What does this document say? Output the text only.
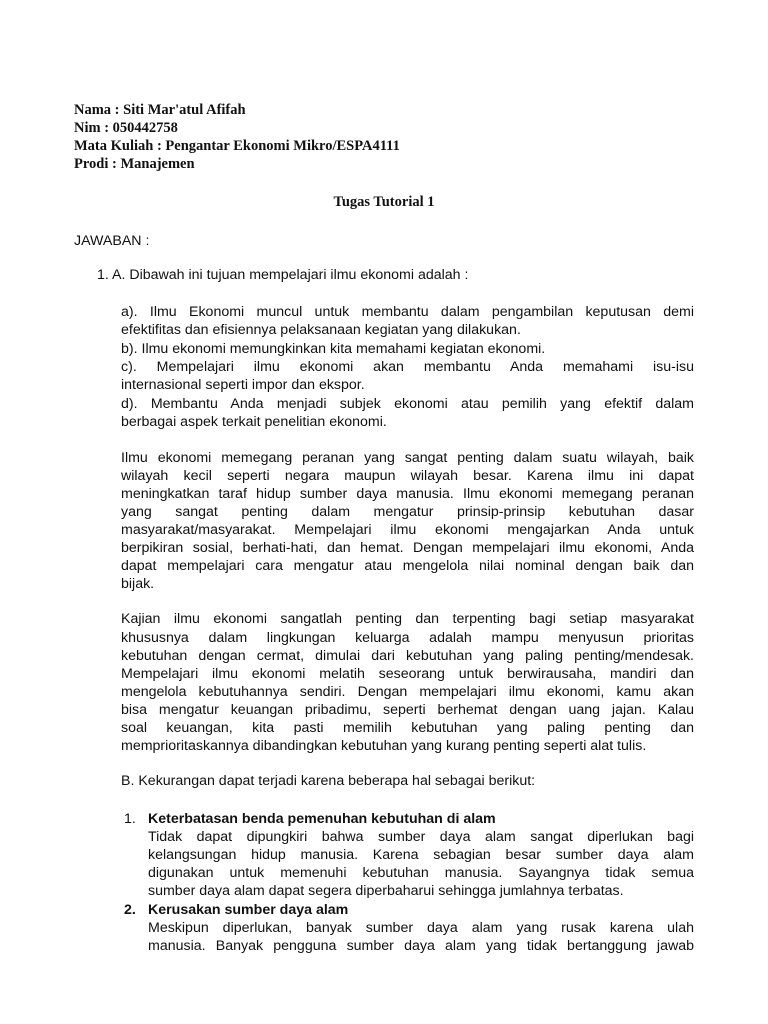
Nama : Siti Mar'atul Afifah
Nim : 050442758
Mata Kuliah : Pengantar Ekonomi Mikro/ESPA4111
Prodi : Manajemen
Tugas Tutorial 1

JAWABAN :

1. A. Dibawah ini tujuan mempelajari ilmu ekonomi adalah :

a). Ilmu Ekonomi muncul untuk membantu dalam pengambilan keputusan demi

efektifitas dan efisiennya pelaksanaan kegiatan yang dilakukan.

b). Ilmu ekonomi memungkinkan kita memahami kegiatan ekonomi.

c). Mempelajari ilmu ekonomi akan membantu Anda memahami isu-isu

internasional seperti impor dan ekspor.

d). Membantu Anda menjadi subjek ekonomi atau pemilih yang efektif dalam

berbagai aspek terkait penelitian ekonomi.

Ilmu ekonomi memegang peranan yang sangat penting dalam suatu wilayah, baik

wilayah kecil seperti negara maupun wilayah besar. Karena ilmu ini dapat

meningkatkan taraf hidup sumber daya manusia. Ilmu ekonomi memegang peranan

yang sangat penting dalam mengatur prinsip-prinsip kebutuhan dasar

masyarakat/masyarakat. Mempelajari ilmu ekonomi mengajarkan Anda untuk

berpikiran sosial, berhati-hati, dan hemat. Dengan mempelajari ilmu ekonomi, Anda

dapat mempelajari cara mengatur atau mengelola nilai nominal dengan baik dan

bijak.

Kajian ilmu ekonomi sangatlah penting dan terpenting bagi setiap masyarakat

khususnya dalam lingkungan keluarga adalah mampu menyusun prioritas

kebutuhan dengan cermat, dimulai dari kebutuhan yang paling penting/mendesak.

Mempelajari ilmu ekonomi melatih seseorang untuk berwirausaha, mandiri dan

mengelola kebutuhannya sendiri. Dengan mempelajari ilmu ekonomi, kamu akan

bisa mengatur keuangan pribadimu, seperti berhemat dengan uang jajan. Kalau

soal keuangan, kita pasti memilih kebutuhan yang paling penting dan

memprioritaskannya dibandingkan kebutuhan yang kurang penting seperti alat tulis.

B. Kekurangan dapat terjadi karena beberapa hal sebagai berikut:

1. Keterbatasan benda pemenuhan kebutuhan di alam

Tidak dapat dipungkiri bahwa sumber daya alam sangat diperlukan bagi

kelangsungan hidup manusia. Karena sebagian besar sumber daya alam

digunakan untuk memenuhi kebutuhan manusia. Sayangnya tidak semua

sumber daya alam dapat segera diperbaharui sehingga jumlahnya terbatas.

2. Kerusakan sumber daya alam

Meskipun diperlukan, banyak sumber daya alam yang rusak karena ulah

manusia. Banyak pengguna sumber daya alam yang tidak bertanggung jawab
